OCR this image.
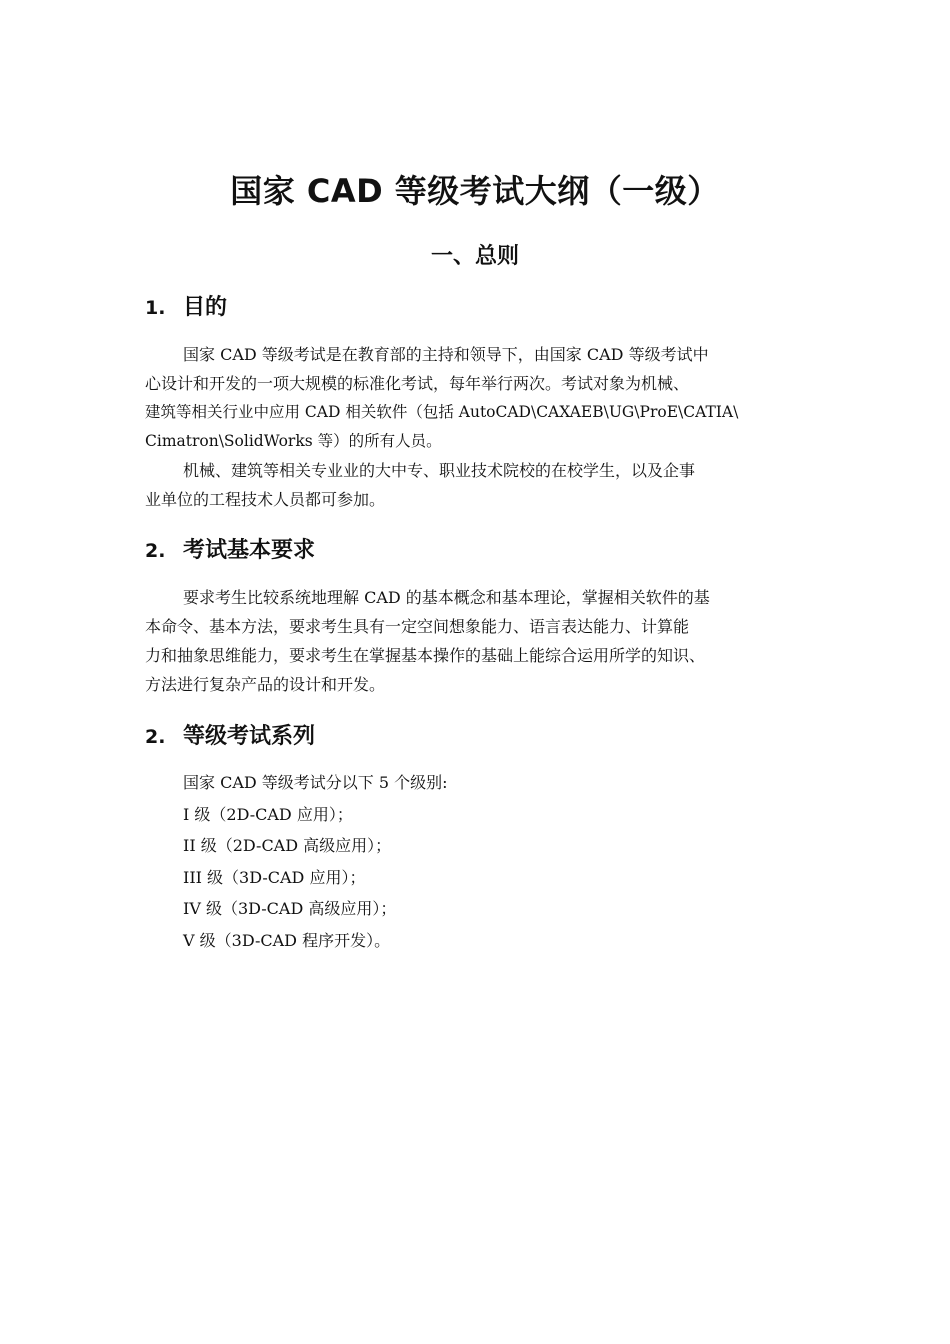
国家 CAD 等级考试大纲（一级）
一、总则
1. 目的
国家 CAD 等级考试是在教育部的主持和领导下，由国家 CAD 等级考试中
心设计和开发的一项大规模的标准化考试，每年举行两次。考试对象为机械、
建筑等相关行业中应用 CAD 相关软件（包括 AutoCAD\CAXAEB\UG\ProE\CATIA\
Cimatron\SolidWorks 等）的所有人员。
机械、建筑等相关专业业的大中专、职业技术院校的在校学生，以及企事
业单位的工程技术人员都可参加。
2. 考试基本要求
要求考生比较系统地理解 CAD 的基本概念和基本理论，掌握相关软件的基
本命令、基本方法，要求考生具有一定空间想象能力、语言表达能力、计算能
力和抽象思维能力，要求考生在掌握基本操作的基础上能综合运用所学的知识、
方法进行复杂产品的设计和开发。
2. 等级考试系列
国家 CAD 等级考试分以下 5 个级别:
I 级（2D-CAD 应用）；
II 级（2D-CAD 高级应用）；
III 级（3D-CAD 应用）；
IV 级（3D-CAD 高级应用）；
V 级（3D-CAD 程序开发）。
